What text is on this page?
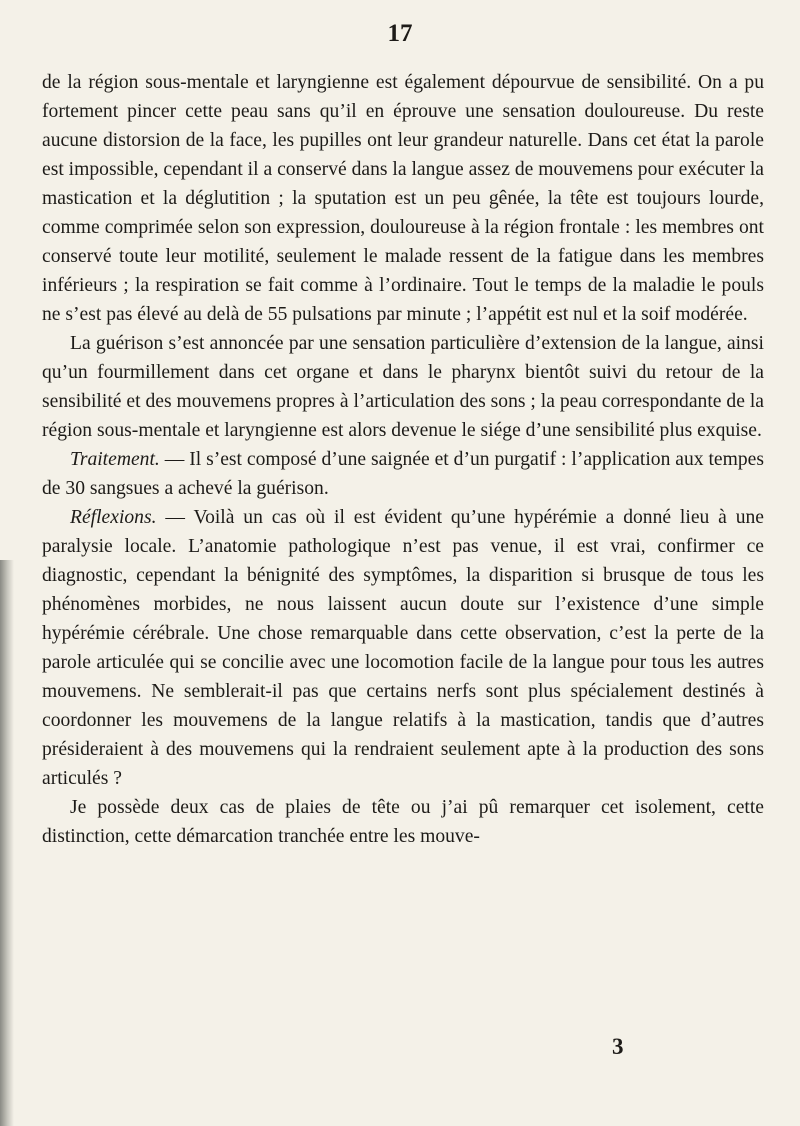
17

de la région sous-mentale et laryngienne est également dépourvue de sensibilité. On a pu fortement pincer cette peau sans qu’il en éprouve une sensation douloureuse. Du reste aucune distorsion de la face, les pupilles ont leur grandeur naturelle. Dans cet état la parole est impossible, cependant il a conservé dans la langue assez de mouvemens pour exécuter la mastication et la déglutition ; la sputation est un peu gênée, la tête est toujours lourde, comme comprimée selon son expression, douloureuse à la région frontale : les membres ont conservé toute leur motilité, seulement le malade ressent de la fatigue dans les membres inférieurs ; la respiration se fait comme à l’ordinaire. Tout le temps de la maladie le pouls ne s’est pas élevé au delà de 55 pulsations par minute ; l’appétit est nul et la soif modérée.

La guérison s’est annoncée par une sensation particulière d’extension de la langue, ainsi qu’un fourmillement dans cet organe et dans le pharynx bientôt suivi du retour de la sensibilité et des mouvemens propres à l’articulation des sons ; la peau correspondante de la région sous-mentale et laryngienne est alors devenue le siége d’une sensibilité plus exquise.

Traitement. — Il s’est composé d’une saignée et d’un purgatif : l’application aux tempes de 30 sangsues a achevé la guérison.

Réflexions. — Voilà un cas où il est évident qu’une hypérémie a donné lieu à une paralysie locale. L’anatomie pathologique n’est pas venue, il est vrai, confirmer ce diagnostic, cependant la bénignité des symptômes, la disparition si brusque de tous les phénomènes morbides, ne nous laissent aucun doute sur l’existence d’une simple hypérémie cérébrale. Une chose remarquable dans cette observation, c’est la perte de la parole articulée qui se concilie avec une locomotion facile de la langue pour tous les autres mouvemens. Ne semblerait-il pas que certains nerfs sont plus spécialement destinés à coordonner les mouvemens de la langue relatifs à la mastication, tandis que d’autres présideraient à des mouvemens qui la rendraient seulement apte à la production des sons articulés ?

Je possède deux cas de plaies de tête ou j’ai pû remarquer cet isolement, cette distinction, cette démarcation tranchée entre les mouve-

3
